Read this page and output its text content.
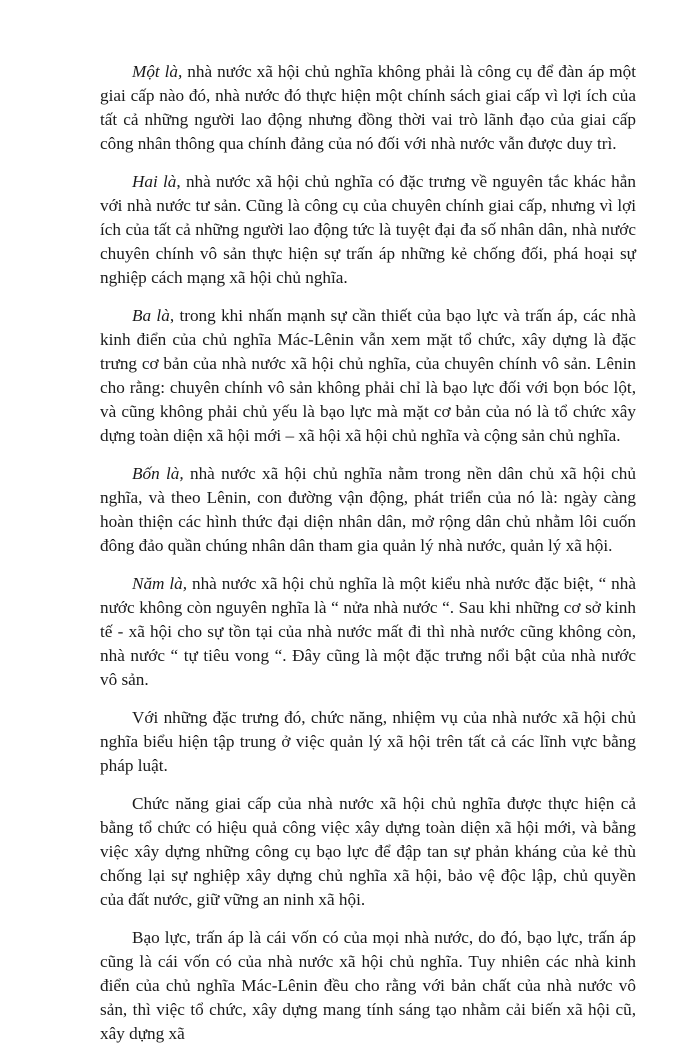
Một là, nhà nước xã hội chủ nghĩa không phải là công cụ để đàn áp một giai cấp nào đó, nhà nước đó thực hiện một chính sách giai cấp vì lợi ích của tất cả những người lao động nhưng đồng thời vai trò lãnh đạo của giai cấp công nhân thông qua chính đảng của nó đối với nhà nước vẫn được duy trì.

Hai là, nhà nước xã hội chủ nghĩa có đặc trưng về nguyên tắc khác hẳn với nhà nước tư sản. Cũng là công cụ của chuyên chính giai cấp, nhưng vì lợi ích của tất cả những người lao động tức là tuyệt đại đa số nhân dân, nhà nước chuyên chính vô sản thực hiện sự trấn áp những kẻ chống đối, phá hoại sự nghiệp cách mạng xã hội chủ nghĩa.

Ba là, trong khi nhấn mạnh sự cần thiết của bạo lực và trấn áp, các nhà kinh điển của chủ nghĩa Mác-Lênin vẫn xem mặt tổ chức, xây dựng là đặc trưng cơ bản của nhà nước xã hội chủ nghĩa, của chuyên chính vô sản. Lênin cho rằng: chuyên chính vô sản không phải chỉ là bạo lực đối với bọn bóc lột, và cũng không phải chủ yếu là bạo lực mà mặt cơ bản của nó là tổ chức xây dựng toàn diện xã hội mới – xã hội xã hội chủ nghĩa và cộng sản chủ nghĩa.

Bốn là, nhà nước xã hội chủ nghĩa nằm trong nền dân chủ xã hội chủ nghĩa, và theo Lênin, con đường vận động, phát triển của nó là: ngày càng hoàn thiện các hình thức đại diện nhân dân, mở rộng dân chủ nhằm lôi cuốn đông đảo quần chúng nhân dân tham gia quản lý nhà nước, quản lý xã hội.

Năm là, nhà nước xã hội chủ nghĩa là một kiểu nhà nước đặc biệt, “ nhà nước không còn nguyên nghĩa là “ nửa nhà nước “. Sau khi những cơ sở kinh tế - xã hội cho sự tồn tại của nhà nước mất đi thì nhà nước cũng không còn, nhà nước “ tự tiêu vong “. Đây cũng là một đặc trưng nổi bật của nhà nước vô sản.

Với những đặc trưng đó, chức năng, nhiệm vụ của nhà nước xã hội chủ nghĩa biểu hiện tập trung ở việc quản lý xã hội trên tất cả các lĩnh vực bằng pháp luật.

Chức năng giai cấp của nhà nước xã hội chủ nghĩa được thực hiện cả bằng tổ chức có hiệu quả công việc xây dựng toàn diện xã hội mới, và bằng việc xây dựng những công cụ bạo lực để đập tan sự phản kháng của kẻ thù chống lại sự nghiệp xây dựng chủ nghĩa xã hội, bảo vệ độc lập, chủ quyền của đất nước, giữ vững an ninh xã hội.

Bạo lực, trấn áp là cái vốn có của mọi nhà nước, do đó, bạo lực, trấn áp cũng là cái vốn có của nhà nước xã hội chủ nghĩa. Tuy nhiên các nhà kinh điển của chủ nghĩa Mác-Lênin đều cho rằng với bản chất của nhà nước vô sản, thì việc tổ chức, xây dựng mang tính sáng tạo nhằm cải biến xã hội cũ, xây dựng xã
